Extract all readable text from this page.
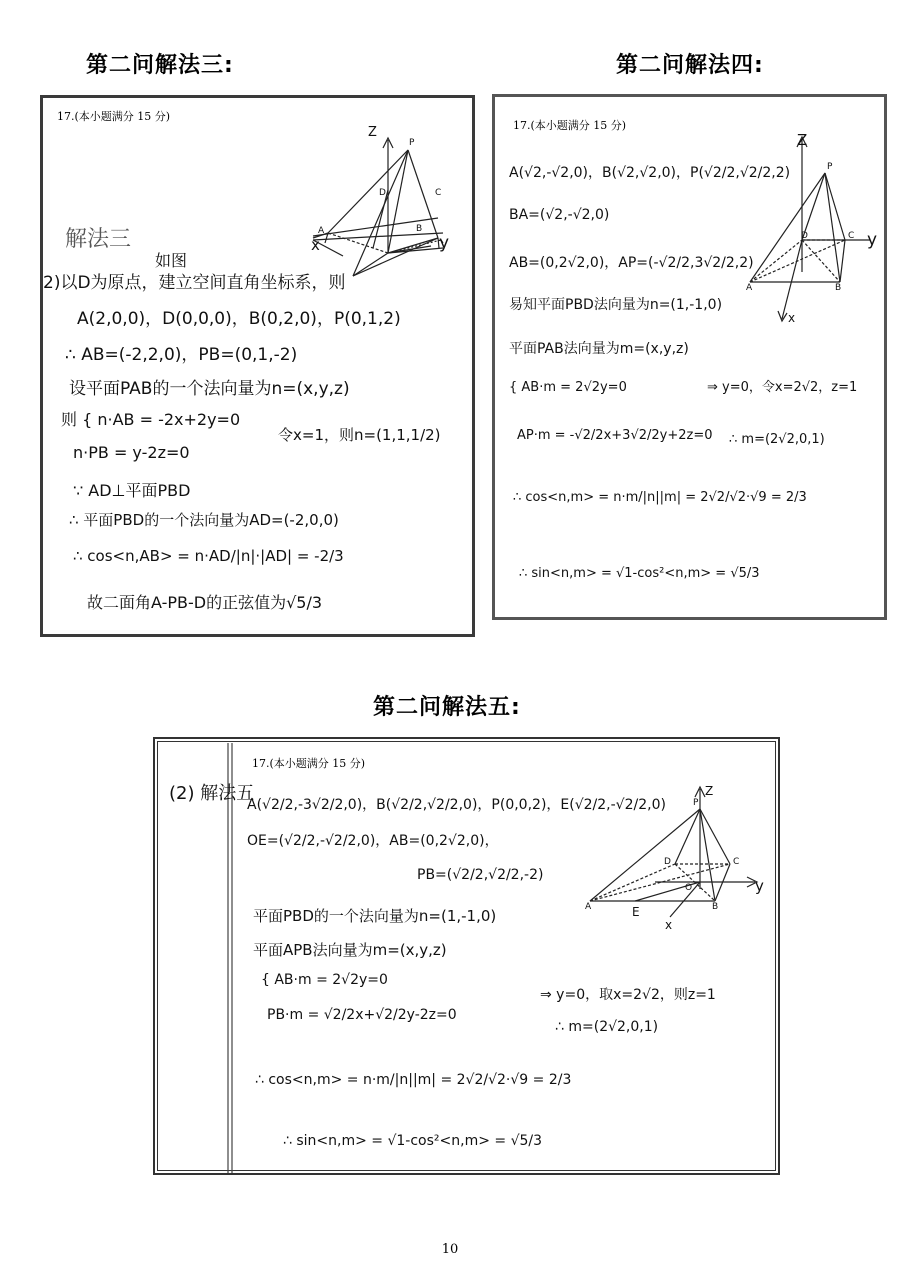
第二问解法三:	第二问解法四:
第二问解法五:
17.(本小题满分 15 分)
Z
P
D	C
A	B
x	y
解法三
如图
2)以D为原点，建立空间直角坐标系，则
A(2,0,0)，D(0,0,0)，B(0,2,0)，P(0,1,2)
∴ AB=(-2,2,0)，PB=(0,1,-2)
设平面PAB的一个法向量为n=(x,y,z)
则 { n·AB = -2x+2y=0
n·PB = y-2z=0
令x=1，则n=(1,1,1/2)
∵ AD⊥平面PBD
∴ 平面PBD的一个法向量为AD=(-2,0,0)
∴ cos<n,AB> = n·AD/|n|·|AD| = -2/3
故二面角A-PB-D的正弦值为√5/3
17.(本小题满分 15 分)
Z
P
D	C
A	B
y
x
A(√2,-√2,0)，B(√2,√2,0)，P(√2/2,√2/2,2)
BA=(√2,-√2,0)
AB=(0,2√2,0)，AP=(-√2/2,3√2/2,2)
易知平面PBD法向量为n=(1,-1,0)
平面PAB法向量为m=(x,y,z)
{ AB·m = 2√2y=0
AP·m = -√2/2x+3√2/2y+2z=0
⇒ y=0，令x=2√2，z=1
∴ m=(2√2,0,1)
∴ cos<n,m> = n·m/|n||m| = 2√2/√2·√9 = 2/3
∴ sin<n,m> = √1-cos²<n,m> = √5/3
17.(本小题满分 15 分)
(2) 解法五	Z
P
D	C
A	B
E
O
x
y
A(√2/2,-3√2/2,0)，B(√2/2,√2/2,0)，P(0,0,2)，E(√2/2,-√2/2,0)
OE=(√2/2,-√2/2,0)，AB=(0,2√2,0)，
PB=(√2/2,√2/2,-2)
平面PBD的一个法向量为n=(1,-1,0)
平面APB法向量为m=(x,y,z)
{ AB·m = 2√2y=0
PB·m = √2/2x+√2/2y-2z=0
⇒ y=0，取x=2√2，则z=1
∴ m=(2√2,0,1)
∴ cos<n,m> = n·m/|n||m| = 2√2/√2·√9 = 2/3
∴ sin<n,m> = √1-cos²<n,m> = √5/3
10
